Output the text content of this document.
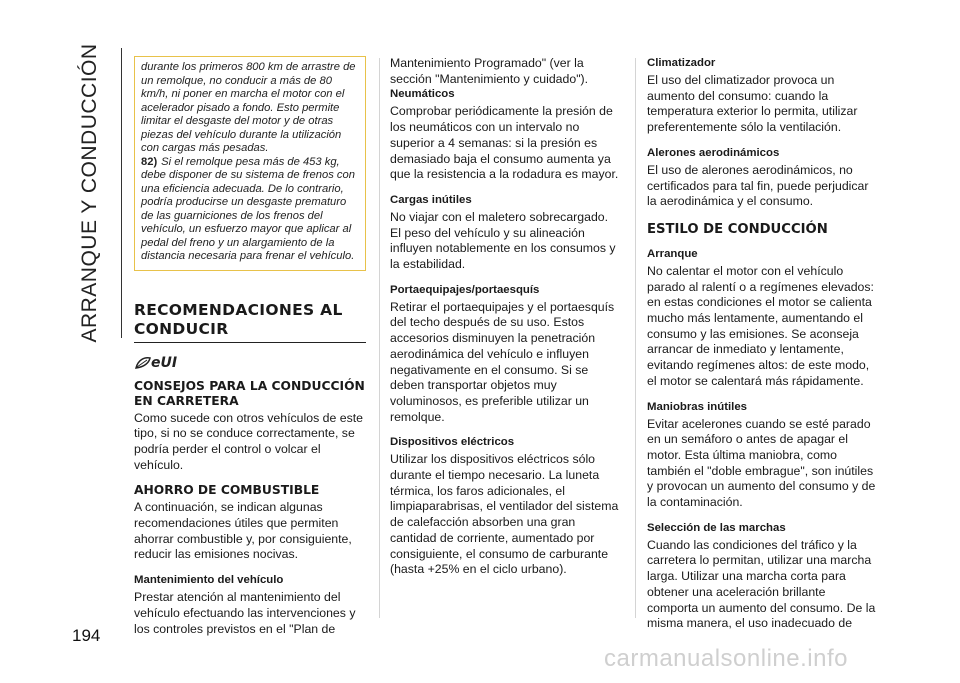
ARRANQUE Y CONDUCCIÓN	durante los primeros 800 km de arrastre de un remolque, no conducir a más de 80 km/h, ni poner en marcha el motor con el acelerador pisado a fondo. Esto permite limitar el desgaste del motor y de otras piezas del vehículo durante la utilización con cargas más pesadas.

82) Si el remolque pesa más de 453 kg, debe disponer de su sistema de frenos con una eficiencia adecuada. De lo contrario, podría producirse un desgaste prematuro de las guarniciones de los frenos del vehículo, un esfuerzo mayor que aplicar al pedal del freno y un alargamiento de la distancia necesaria para frenar el vehículo.

RECOMENDACIONES AL CONDUCIR
eUI
CONSEJOS PARA LA CONDUCCIÓN EN CARRETERA

Como sucede con otros vehículos de este tipo, si no se conduce correctamente, se podría perder el control o volcar el vehículo.

AHORRO DE COMBUSTIBLE

A continuación, se indican algunas recomendaciones útiles que permiten ahorrar combustible y, por consiguiente, reducir las emisiones nocivas.

Mantenimiento del vehículo

Prestar atención al mantenimiento del vehículo efectuando las intervenciones y los controles previstos en el "Plan de

Mantenimiento Programado" (ver la sección "Mantenimiento y cuidado").

Neumáticos

Comprobar periódicamente la presión de los neumáticos con un intervalo no superior a 4 semanas: si la presión es demasiado baja el consumo aumenta ya que la resistencia a la rodadura es mayor.

Cargas inútiles

No viajar con el maletero sobrecargado. El peso del vehículo y su alineación influyen notablemente en los consumos y la estabilidad.

Portaequipajes/portaesquís

Retirar el portaequipajes y el portaesquís del techo después de su uso. Estos accesorios disminuyen la penetración aerodinámica del vehículo e influyen negativamente en el consumo. Si se deben transportar objetos muy voluminosos, es preferible utilizar un remolque.

Dispositivos eléctricos

Utilizar los dispositivos eléctricos sólo durante el tiempo necesario. La luneta térmica, los faros adicionales, el limpiaparabrisas, el ventilador del sistema de calefacción absorben una gran cantidad de corriente, aumentado por consiguiente, el consumo de carburante (hasta +25% en el ciclo urbano).

Climatizador

El uso del climatizador provoca un aumento del consumo: cuando la temperatura exterior lo permita, utilizar preferentemente sólo la ventilación.

Alerones aerodinámicos

El uso de alerones aerodinámicos, no certificados para tal fin, puede perjudicar la aerodinámica y el consumo.

ESTILO DE CONDUCCIÓN
Arranque

No calentar el motor con el vehículo parado al ralentí o a regímenes elevados: en estas condiciones el motor se calienta mucho más lentamente, aumentando el consumo y las emisiones. Se aconseja arrancar de inmediato y lentamente, evitando regímenes altos: de este modo, el motor se calentará más rápidamente.

Maniobras inútiles

Evitar acelerones cuando se esté parado en un semáforo o antes de apagar el motor. Esta última maniobra, como también el "doble embrague", son inútiles y provocan un aumento del consumo y de la contaminación.

Selección de las marchas

Cuando las condiciones del tráfico y la carretera lo permitan, utilizar una marcha larga. Utilizar una marcha corta para obtener una aceleración brillante comporta un aumento del consumo. De la misma manera, el uso inadecuado de

194
carmanualsonline.info
